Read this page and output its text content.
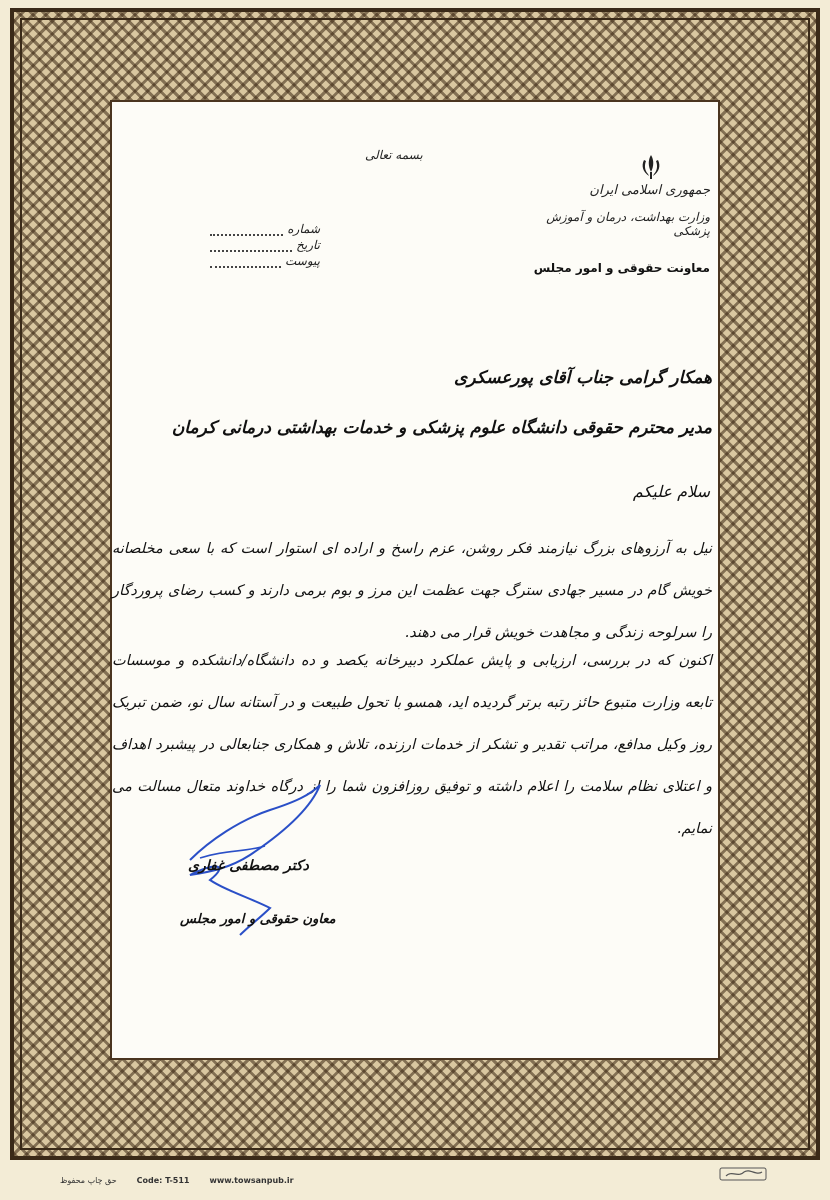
بسمه تعالی
جمهوری اسلامی ایران
وزارت بهداشت، درمان و آموزش پزشکی
معاونت حقوقی و امور مجلس
شماره
تاریخ
پیوست
همکار گرامی جناب آقای پورعسکری
مدیر محترم حقوقی دانشگاه علوم پزشکی و خدمات بهداشتی درمانی کرمان
سلام علیکم
نیل به آرزوهای بزرگ نیازمند فکر روشن، عزم راسخ و اراده ای استوار است که با سعی مخلصانه خویش گام در مسیر جهادی سترگ جهت عظمت این مرز و بوم برمی دارند و کسب رضای پروردگار را سرلوحه زندگی و مجاهدت خویش قرار می دهند.
اکنون که در بررسی، ارزیابی و پایش عملکرد دبیرخانه یکصد و ده دانشگاه/دانشکده و موسسات تابعه وزارت متبوع حائز رتبه برتر گردیده اید، همسو با تحول طبیعت و در آستانه سال نو، ضمن تبریک روز وکیل مدافع، مراتب تقدیر و تشکر از خدمات ارزنده، تلاش و همکاری جنابعالی در پیشبرد اهداف و اعتلای نظام سلامت را اعلام داشته و توفیق روزافزون شما را از درگاه خداوند متعال مسالت می نمایم.
دکتر مصطفی غفاری
معاون حقوقی و امور مجلس
حق چاپ محفوظ	Code: T-511	www.towsanpub.ir
